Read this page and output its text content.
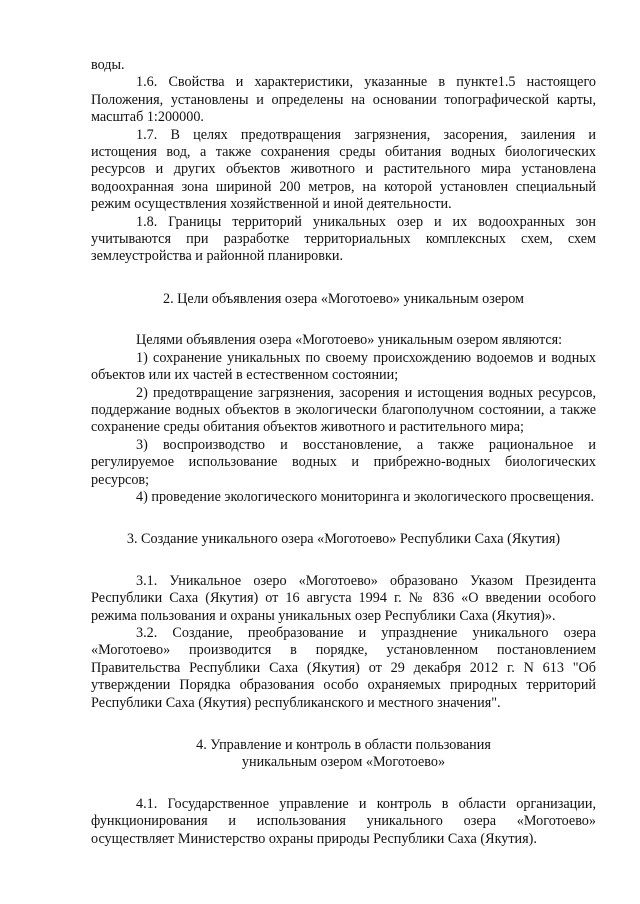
воды.

1.6. Свойства и характеристики, указанные в пункте1.5 настоящего Положения, установлены и определены на основании топографической карты, масштаб 1:200000.

1.7. В целях предотвращения загрязнения, засорения, заиления и истощения вод, а также сохранения среды обитания водных биологических ресурсов и других объектов животного и растительного мира установлена водоохранная зона шириной 200 метров, на которой установлен специальный режим осуществления хозяйственной и иной деятельности.

1.8. Границы территорий уникальных озер и их водоохранных зон учитываются при разработке территориальных комплексных схем, схем землеустройства и районной планировки.

2. Цели объявления озера «Моготоево» уникальным озером

Целями объявления озера «Моготоево» уникальным озером являются:

1) сохранение уникальных по своему происхождению водоемов и водных объектов или их частей в естественном состоянии;

2) предотвращение загрязнения, засорения и истощения водных ресурсов, поддержание водных объектов в экологически благополучном состоянии, а также сохранение среды обитания объектов животного и растительного мира;

3) воспроизводство и восстановление, а также рациональное и регулируемое использование водных и прибрежно-водных биологических ресурсов;

4) проведение экологического мониторинга и экологического просвещения.

3. Создание уникального озера «Моготоево» Республики Саха (Якутия)

3.1. Уникальное озеро «Моготоево» образовано Указом Президента Республики Саха (Якутия) от 16 августа 1994 г. № 836 «О введении особого режима пользования и охраны уникальных озер Республики Саха (Якутия)».

3.2. Создание, преобразование и упразднение уникального озера «Моготоево» производится в порядке, установленном постановлением Правительства Республики Саха (Якутия) от 29 декабря 2012 г. N 613 "Об утверждении Порядка образования особо охраняемых природных территорий Республики Саха (Якутия) республиканского и местного значения".

4. Управление и контроль в области пользования

уникальным озером «Моготоево»

4.1. Государственное управление и контроль в области организации, функционирования и использования уникального озера «Моготоево» осуществляет Министерство охраны природы Республики Саха (Якутия).
